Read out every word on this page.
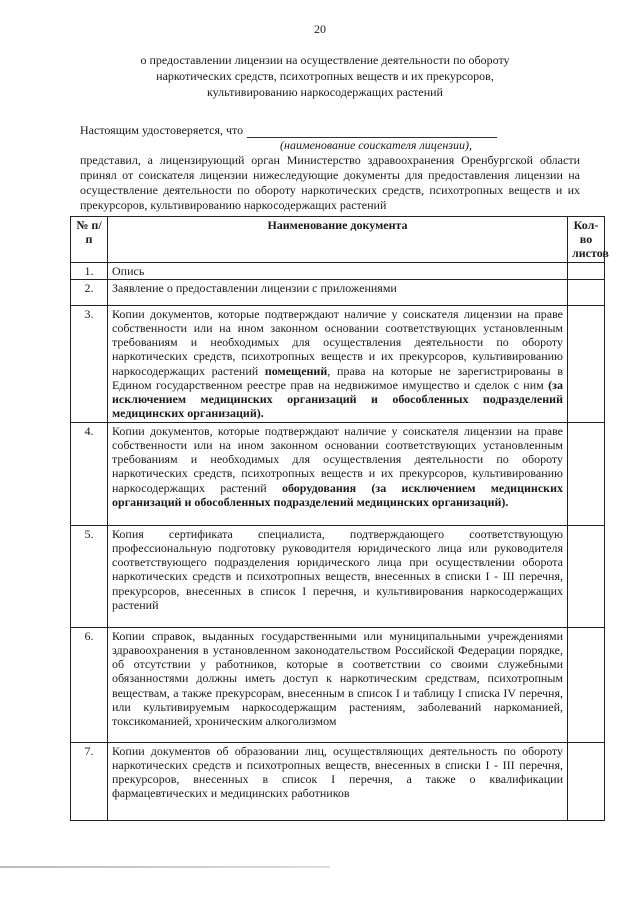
20
о предоставлении лицензии на осуществление деятельности по обороту
наркотических средств, психотропных веществ и их прекурсоров,
культивированию наркосодержащих растений
Настоящим удостоверяется, что
(наименование соискателя лицензии),
представил, а лицензирующий орган Министерство здравоохранения Оренбургской области принял от соискателя лицензии нижеследующие документы для предоставления лицензии на осуществление деятельности по обороту наркотических средств, психотропных веществ и их прекурсоров, культивированию наркосодержащих растений
№ п/п	Наименование документа	Кол-во листов
1.	Опись	
2.	Заявление о предоставлении лицензии с приложениями	
3.	Копии документов, которые подтверждают наличие у соискателя лицензии на праве собственности или на ином законном основании соответствующих установленным требованиям и необходимых для осуществления деятельности по обороту наркотических средств, психотропных веществ и их прекурсоров, культивированию наркосодержащих растений помещений, права на которые не зарегистрированы в Едином государственном реестре прав на недвижимое имущество и сделок с ним (за исключением медицинских организаций и обособленных подразделений медицинских организаций).	
4.	Копии документов, которые подтверждают наличие у соискателя лицензии на праве собственности или на ином законном основании соответствующих установленным требованиям и необходимых для осуществления деятельности по обороту наркотических средств, психотропных веществ и их прекурсоров, культивированию наркосодержащих растений оборудования (за исключением медицинских организаций и обособленных подразделений медицинских организаций).	
5.	Копия сертификата специалиста, подтверждающего соответствующую профессиональную подготовку руководителя юридического лица или руководителя соответствующего подразделения юридического лица при осуществлении оборота наркотических средств и психотропных веществ, внесенных в списки I - III перечня, прекурсоров, внесенных в список I перечня, и культивирования наркосодержащих растений	
6.	Копии справок, выданных государственными или муниципальными учреждениями здравоохранения в установленном законодательством Российской Федерации порядке, об отсутствии у работников, которые в соответствии со своими служебными обязанностями должны иметь доступ к наркотическим средствам, психотропным веществам, а также прекурсорам, внесенным в список I и таблицу I списка IV перечня, или культивируемым наркосодержащим растениям, заболеваний наркоманией, токсикоманией, хроническим алкоголизмом	
7.	Копии документов об образовании лиц, осуществляющих деятельность по обороту наркотических средств и психотропных веществ, внесенных в списки I - III перечня, прекурсоров, внесенных в список I перечня, а также о квалификации фармацевтических и медицинских работников	
